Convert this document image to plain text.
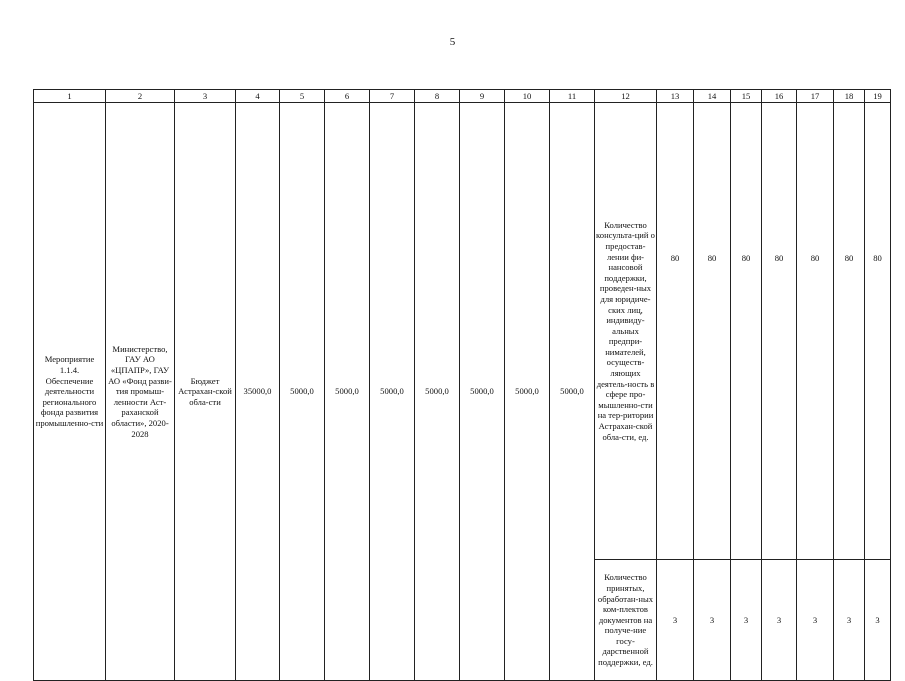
5
1	2	3	4	5	6	7	8	9	10	11	12	13	14	15	16	17	18	19
Мероприятие 1.1.4. Обеспечение деятельности регионального фонда развития промышленно-сти	Министерство, ГАУ АО «ЦПАПР», ГАУ АО «Фонд разви-тия промыш-ленности Аст-раханской области», 2020-2028	Бюджет Астрахан-ской обла-сти	35000,0	5000,0	5000,0	5000,0	5000,0	5000,0	5000,0	5000,0	Количество консульта-ций о предостав-лении фи-нансовой поддержки, проведен-ных для юридиче-ских лиц, индивиду-альных предпри-нимателей, осуществ-ляющих деятель-ность в сфере про-мышленно-сти на тер-ритории Астрахан-ской обла-сти, ед.	80	80	80	80	80	80	80
											Количество принятых, обработан-ных ком-плектов документов на получе-ние госу-дарственной поддержки, ед.	3	3	3	3	3	3	3
